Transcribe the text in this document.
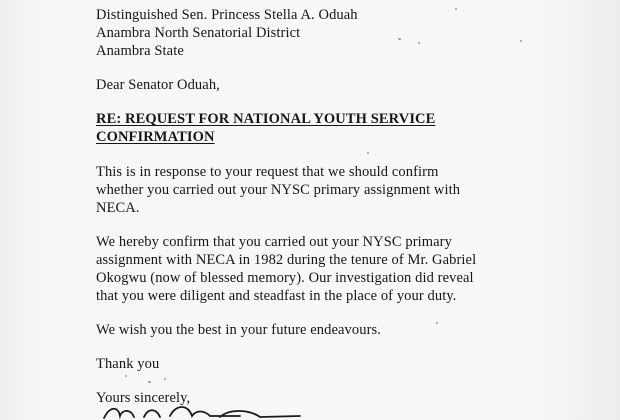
Distinguished Sen. Princess Stella A. Oduah
Anambra North Senatorial District
Anambra State
Dear Senator Oduah,
RE: REQUEST FOR NATIONAL YOUTH SERVICE
CONFIRMATION
This is in response to your request that we should confirm
whether you carried out your NYSC primary assignment with
NECA.
We hereby confirm that you carried out your NYSC primary
assignment with NECA in 1982 during the tenure of Mr. Gabriel
Okogwu (now of blessed memory). Our investigation did reveal
that you were diligent and steadfast in the place of your duty.
We wish you the best in your future endeavours.
Thank you
Yours sincerely,
